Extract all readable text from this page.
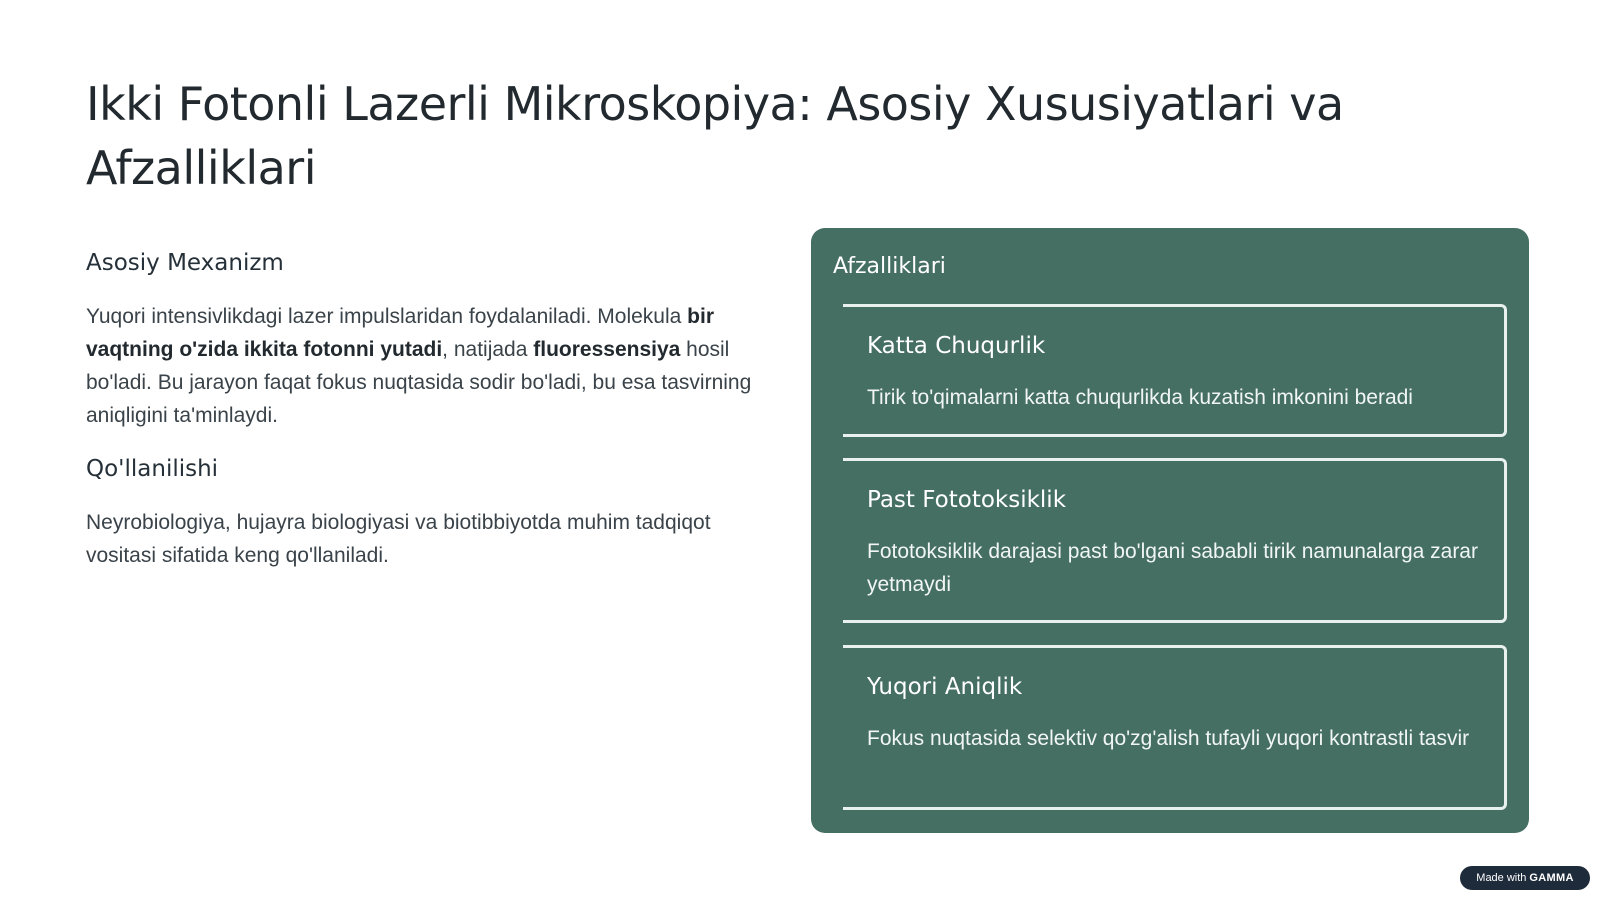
Ikki Fotonli Lazerli Mikroskopiya: Asosiy Xususiyatlari va Afzalliklari
Asosiy Mexanizm

Yuqori intensivlikdagi lazer impulslaridan foydalaniladi. Molekula bir vaqtning o'zida ikkita fotonni yutadi, natijada fluoressensiya hosil bo'ladi. Bu jarayon faqat fokus nuqtasida sodir bo'ladi, bu esa tasvirning aniqligini ta'minlaydi.

Qo'llanilishi

Neyrobiologiya, hujayra biologiyasi va biotibbiyotda muhim tadqiqot vositasi sifatida keng qo'llaniladi.

Afzalliklari
Katta Chuqurlik

Tirik to'qimalarni katta chuqurlikda kuzatish imkonini beradi

Past Fototoksiklik

Fototoksiklik darajasi past bo'lgani sababli tirik namunalarga zarar yetmaydi

Yuqori Aniqlik

Fokus nuqtasida selektiv qo'zg'alish tufayli yuqori kontrastli tasvir

Made with GAMMA
